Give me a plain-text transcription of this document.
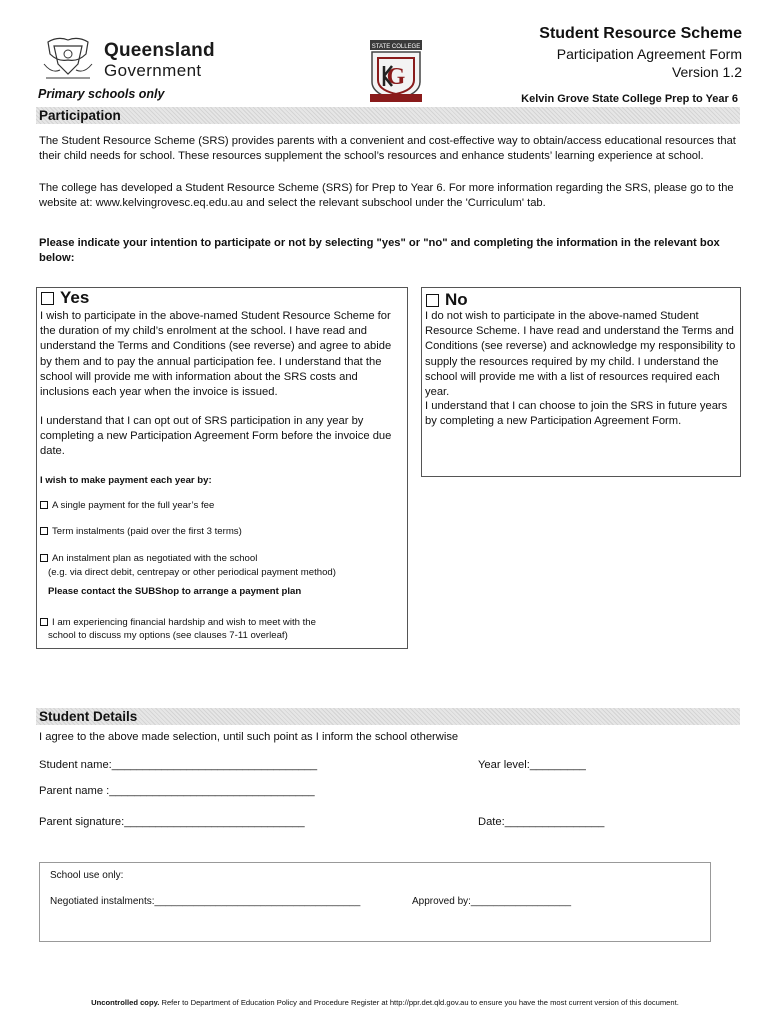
Queensland
Government
Primary schools only
STATE COLLEGE
G
Student Resource Scheme
Participation Agreement Form
Version 1.2
Kelvin Grove State College Prep to Year 6
Participation
The Student Resource Scheme (SRS) provides parents with a convenient and cost-effective way to obtain/access educational resources that their child needs for school. These resources supplement the school’s resources and enhance students’ learning experience at school.
The college has developed a Student Resource Scheme (SRS) for Prep to Year 6. For more information regarding the SRS, please go to the website at: www.kelvingrovesc.eq.edu.au and select the relevant subschool under the 'Curriculum' tab.
Please indicate your intention to participate or not by selecting "yes" or "no" and completing the information in the relevant box below:
Yes
I wish to participate in the above-named Student Resource Scheme for the duration of my child’s enrolment at the school. I have read and understand the Terms and Conditions (see reverse) and agree to abide by them and to pay the annual participation fee. I understand that the school will provide me with information about the SRS costs and inclusions each year when the invoice is issued.
I understand that I can opt out of SRS participation in any year by completing a new Participation Agreement Form before the invoice due date.
I wish to make payment each year by:
A single payment for the full year’s fee
Term instalments (paid over the first 3 terms)
An instalment plan as negotiated with the school
(e.g. via direct debit, centrepay or other periodical payment method)
Please contact the SUBShop to arrange a payment plan
I am experiencing financial hardship and wish to meet with the
school to discuss my options (see clauses 7-11 overleaf)
No
I do not wish to participate in the above-named Student Resource Scheme. I have read and understand the Terms and Conditions (see reverse) and acknowledge my responsibility to supply the resources required by my child. I understand the school will provide me with a list of resources required each year.
I understand that I can choose to join the SRS in future years by completing a new Participation Agreement Form.
Student Details
I agree to the above made selection, until such point as I inform the school otherwise
Student name:_________________________________	Year level:_________
Parent name :_________________________________
Parent signature:_____________________________	Date:________________
School use only:
Negotiated instalments:_____________________________________	Approved by:__________________
Uncontrolled copy. Refer to Department of Education Policy and Procedure Register at http://ppr.det.qld.gov.au to ensure you have the most current version of this document.
